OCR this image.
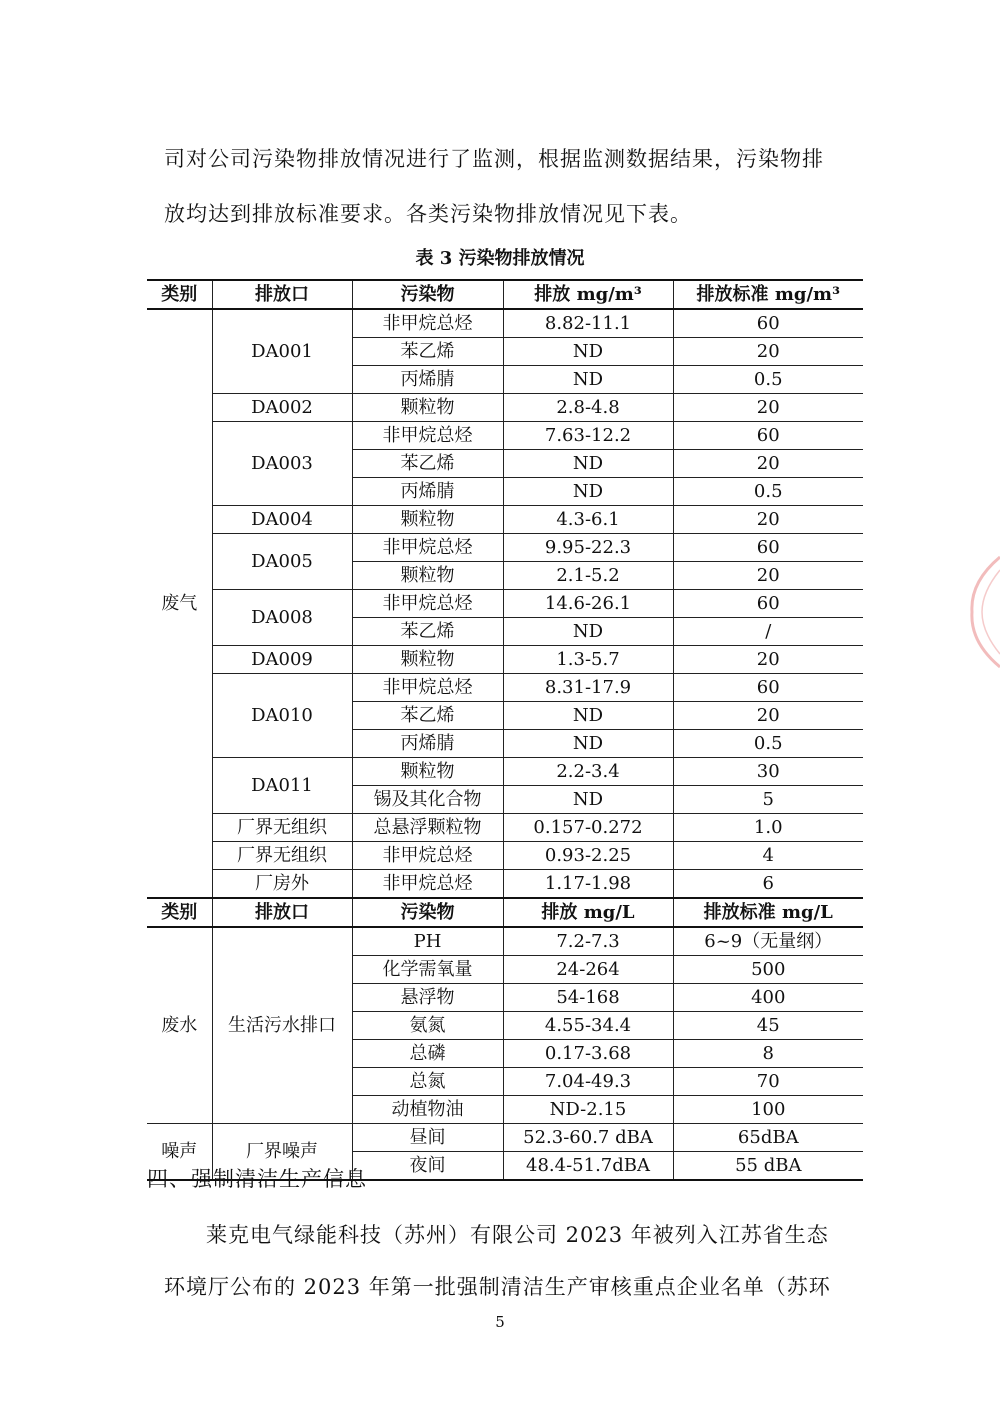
司对公司污染物排放情况进行了监测，根据监测数据结果，污染物排
放均达到排放标准要求。各类污染物排放情况见下表。
表 3 污染物排放情况
类别	排放口	污染物	排放 mg/m³	排放标准 mg/m³
废气	DA001	非甲烷总烃	8.82-11.1	60
		苯乙烯	ND	20
		丙烯腈	ND	0.5
	DA002	颗粒物	2.8-4.8	20
	DA003	非甲烷总烃	7.63-12.2	60
		苯乙烯	ND	20
		丙烯腈	ND	0.5
	DA004	颗粒物	4.3-6.1	20
	DA005	非甲烷总烃	9.95-22.3	60
		颗粒物	2.1-5.2	20
	DA008	非甲烷总烃	14.6-26.1	60
		苯乙烯	ND	/
	DA009	颗粒物	1.3-5.7	20
	DA010	非甲烷总烃	8.31-17.9	60
		苯乙烯	ND	20
		丙烯腈	ND	0.5
	DA011	颗粒物	2.2-3.4	30
		锡及其化合物	ND	5
	厂界无组织	总悬浮颗粒物	0.157-0.272	1.0
	厂界无组织	非甲烷总烃	0.93-2.25	4
	厂房外	非甲烷总烃	1.17-1.98	6
类别	排放口	污染物	排放 mg/L	排放标准 mg/L
废水	生活污水排口	PH	7.2-7.3	6~9（无量纲）
		化学需氧量	24-264	500
		悬浮物	54-168	400
		氨氮	4.55-34.4	45
		总磷	0.17-3.68	8
		总氮	7.04-49.3	70
		动植物油	ND-2.15	100
噪声	厂界噪声	昼间	52.3-60.7 dBA	65dBA
		夜间	48.4-51.7dBA	55 dBA
四、强制清洁生产信息
莱克电气绿能科技（苏州）有限公司 2023 年被列入江苏省生态
环境厅公布的 2023 年第一批强制清洁生产审核重点企业名单（苏环
5
